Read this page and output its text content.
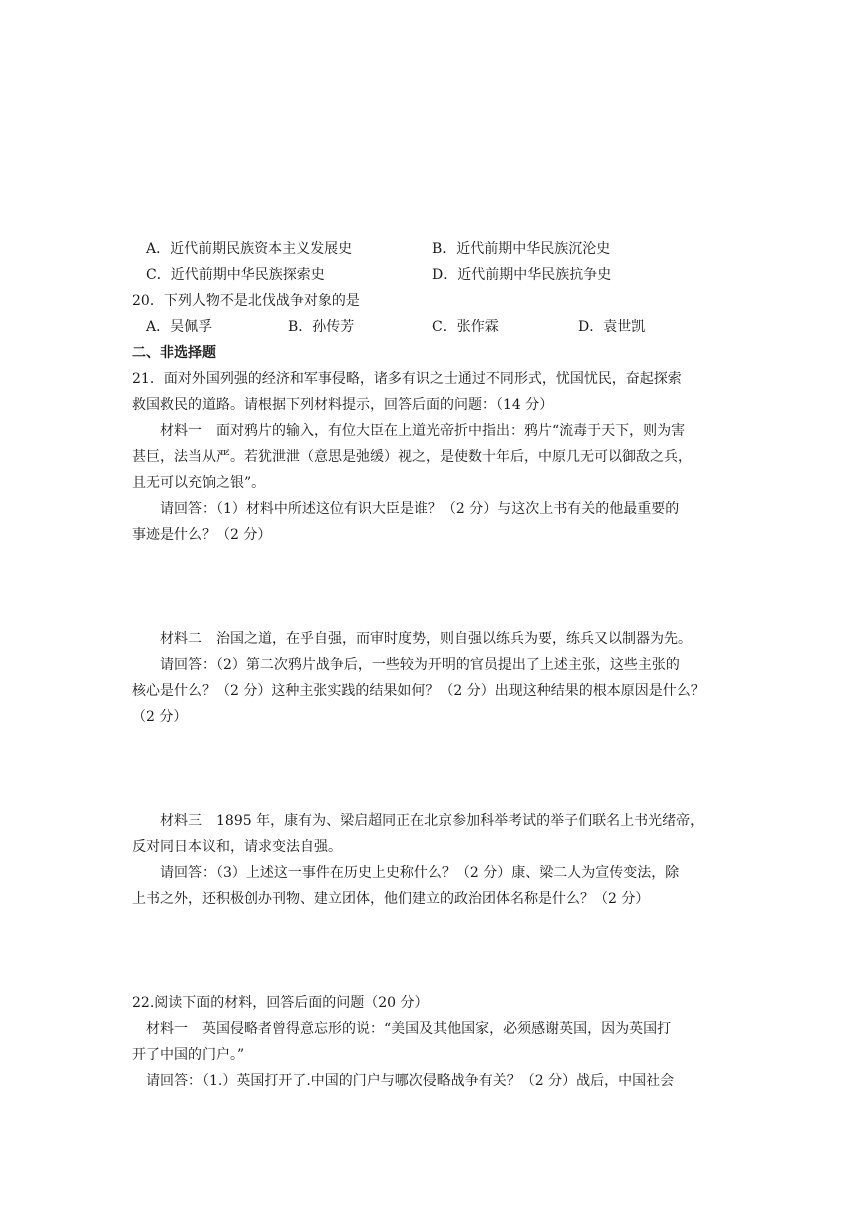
A．近代前期民族资本主义发展史	B．近代前期中华民族沉沦史
C．近代前期中华民族探索史	D．近代前期中华民族抗争史
20．下列人物不是北伐战争对象的是
A．吴佩孚	B．孙传芳	C．张作霖	D．袁世凯
二、非选择题
21．面对外国列强的经济和军事侵略，诸多有识之士通过不同形式，忧国忧民，奋起探索
救国救民的道路。请根据下列材料提示，回答后面的问题：（14 分）
材料一　面对鸦片的输入，有位大臣在上道光帝折中指出：鸦片“流毒于天下，则为害
甚巨，法当从严。若犹泄泄（意思是弛缓）视之，是使数十年后，中原几无可以御敌之兵，
且无可以充饷之银”。
请回答：（1）材料中所述这位有识大臣是谁？（2 分）与这次上书有关的他最重要的
事迹是什么？（2 分）
材料二　治国之道，在乎自强，而审时度势，则自强以练兵为要，练兵又以制器为先。
请回答：（2）第二次鸦片战争后，一些较为开明的官员提出了上述主张，这些主张的
核心是什么？（2 分）这种主张实践的结果如何？（2 分）出现这种结果的根本原因是什么？
（2 分）
材料三　1895 年，康有为、梁启超同正在北京参加科举考试的举子们联名上书光绪帝，
反对同日本议和，请求变法自强。
请回答：（3）上述这一事件在历史上史称什么？（2 分）康、梁二人为宣传变法，除
上书之外，还积极创办刊物、建立团体，他们建立的政治团体名称是什么？（2 分）
22.阅读下面的材料，回答后面的问题（20 分）
材料一　英国侵略者曾得意忘形的说：“美国及其他国家，必须感谢英国，因为英国打
开了中国的门户。”
请回答：（1.）英国打开了.中国的门户与哪次侵略战争有关？（2 分）战后，中国社会
